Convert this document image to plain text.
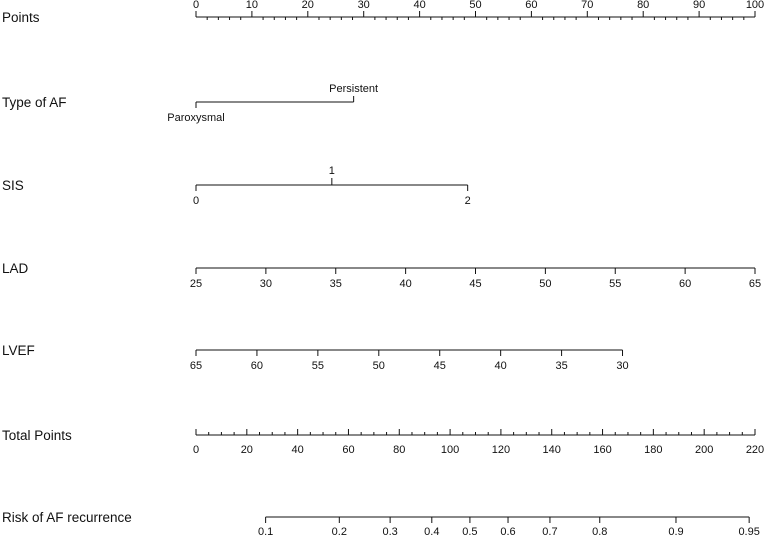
Points
0	10	20	30	40	50	60	70	80	90	100
Type of AF
Paroxysmal
Persistent
SIS
0
1
2
LAD
25	30	35	40	45	50	55	60	65
LVEF
65	60	55	50	45	40	35	30
Total Points
0	20	40	60	80	100	120	140	160	180	200	220
Risk of AF recurrence
0.1	0.2	0.3 0.4 0.5 0.6 0.7	0.8	0.9	0.95
